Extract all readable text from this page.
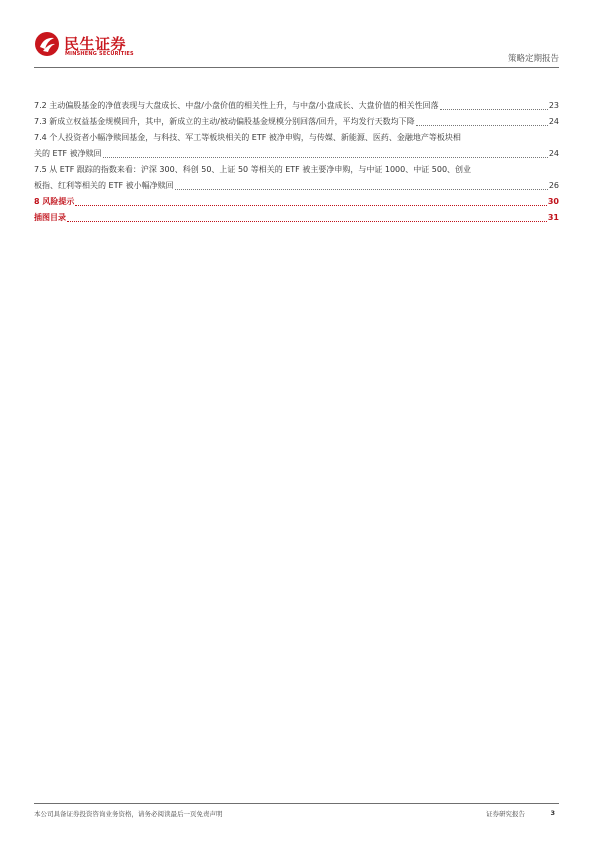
民生证券
MINSHENG SECURITIES	策略定期报告
7.2 主动偏股基金的净值表现与大盘成长、中盘/小盘价值的相关性上升，与中盘/小盘成长、大盘价值的相关性回落	23
7.3 新成立权益基金规模回升，其中，新成立的主动/被动偏股基金规模分别回落/回升，平均发行天数均下降	24
7.4 个人投资者小幅净赎回基金，与科技、军工等板块相关的 ETF 被净申购，与传媒、新能源、医药、金融地产等板块相
关的 ETF 被净赎回	24
7.5 从 ETF 跟踪的指数来看：沪深 300、科创 50、上证 50 等相关的 ETF 被主要净申购，与中证 1000、中证 500、创业
板指、红利等相关的 ETF 被小幅净赎回	26
8 风险提示	30
插图目录	31
本公司具备证券投资咨询业务资格，请务必阅读最后一页免责声明	证券研究报告	3
